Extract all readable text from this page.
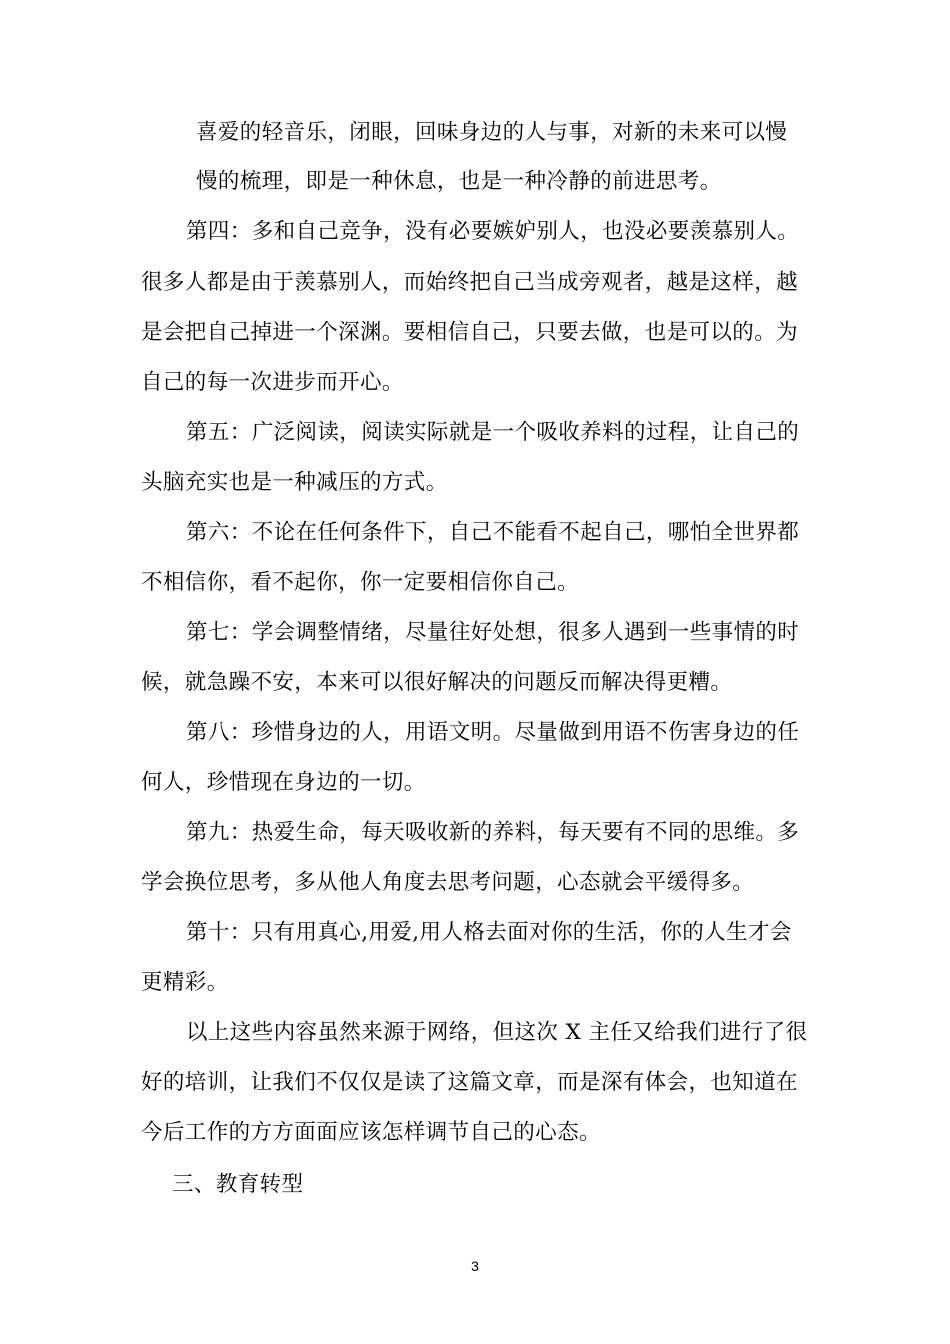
喜爱的轻音乐，闭眼，回味身边的人与事，对新的未来可以慢
慢的梳理，即是一种休息，也是一种冷静的前进思考。
第四：多和自己竞争，没有必要嫉妒别人，也没必要羡慕别人。
很多人都是由于羡慕别人，而始终把自己当成旁观者，越是这样，越
是会把自己掉进一个深渊。要相信自己，只要去做，也是可以的。为
自己的每一次进步而开心。
第五：广泛阅读，阅读实际就是一个吸收养料的过程，让自己的
头脑充实也是一种减压的方式。
第六：不论在任何条件下，自己不能看不起自己，哪怕全世界都
不相信你，看不起你，你一定要相信你自己。
第七：学会调整情绪，尽量往好处想，很多人遇到一些事情的时
候，就急躁不安，本来可以很好解决的问题反而解决得更糟。
第八：珍惜身边的人，用语文明。尽量做到用语不伤害身边的任
何人，珍惜现在身边的一切。
第九：热爱生命，每天吸收新的养料，每天要有不同的思维。多
学会换位思考，多从他人角度去思考问题，心态就会平缓得多。
第十：只有用真心,用爱,用人格去面对你的生活，你的人生才会
更精彩。
以上这些内容虽然来源于网络，但这次 X 主任又给我们进行了很
好的培训，让我们不仅仅是读了这篇文章，而是深有体会，也知道在
今后工作的方方面面应该怎样调节自己的心态。
三、教育转型
3
